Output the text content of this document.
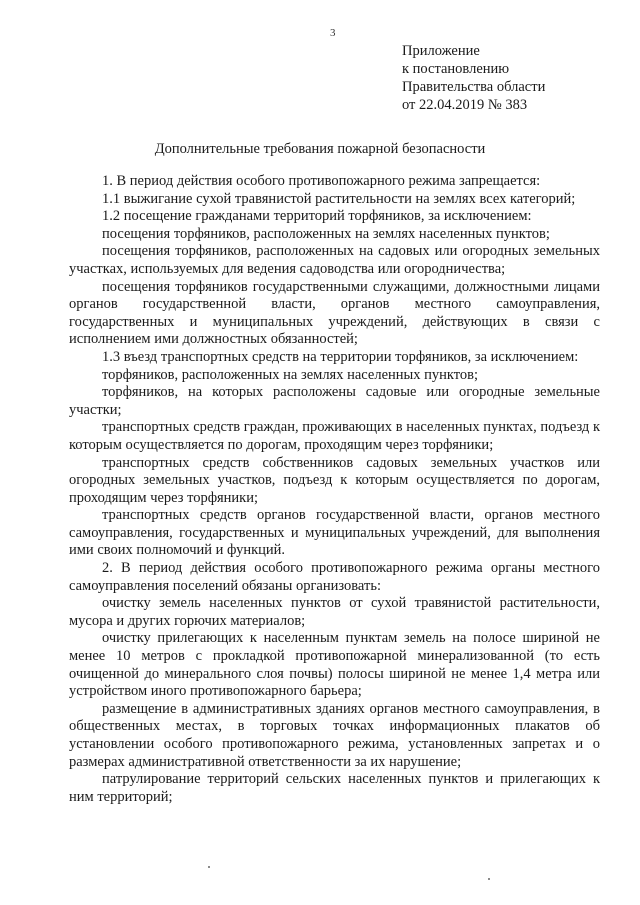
3
Приложение
к постановлению
Правительства области
от 22.04.2019 № 383
Дополнительные требования пожарной безопасности

1. В период действия особого противопожарного режима запрещается:

1.1 выжигание сухой травянистой растительности на землях всех категорий;

1.2 посещение гражданами территорий торфяников, за исключением:

посещения торфяников, расположенных на землях населенных пунктов;

посещения торфяников, расположенных на садовых или огородных земельных участках, используемых для ведения садоводства или огородничества;

посещения торфяников государственными служащими, должностными лицами органов государственной власти, органов местного самоуправления, государственных и муниципальных учреждений, действующих в связи с исполнением ими должностных обязанностей;

1.3 въезд транспортных средств на территории торфяников, за исключением:

торфяников, расположенных на землях населенных пунктов;

торфяников, на которых расположены садовые или огородные земельные участки;

транспортных средств граждан, проживающих в населенных пунктах, подъезд к которым осуществляется по дорогам, проходящим через торфяники;

транспортных средств собственников садовых земельных участков или огородных земельных участков, подъезд к которым осуществляется по дорогам, проходящим через торфяники;

транспортных средств органов государственной власти, органов местного самоуправления, государственных и муниципальных учреждений, для выполнения ими своих полномочий и функций.

2. В период действия особого противопожарного режима органы местного самоуправления поселений обязаны организовать:

очистку земель населенных пунктов от сухой травянистой растительности, мусора и других горючих материалов;

очистку прилегающих к населенным пунктам земель на полосе шириной не менее 10 метров с прокладкой противопожарной минерализованной (то есть очищенной до минерального слоя почвы) полосы шириной не менее 1,4 метра или устройством иного противопожарного барьера;

размещение в административных зданиях органов местного самоуправления, в общественных местах, в торговых точках информационных плакатов об установлении особого противопожарного режима, установленных запретах и о размерах административной ответственности за их нарушение;

патрулирование территорий сельских населенных пунктов и прилегающих к ним территорий;
